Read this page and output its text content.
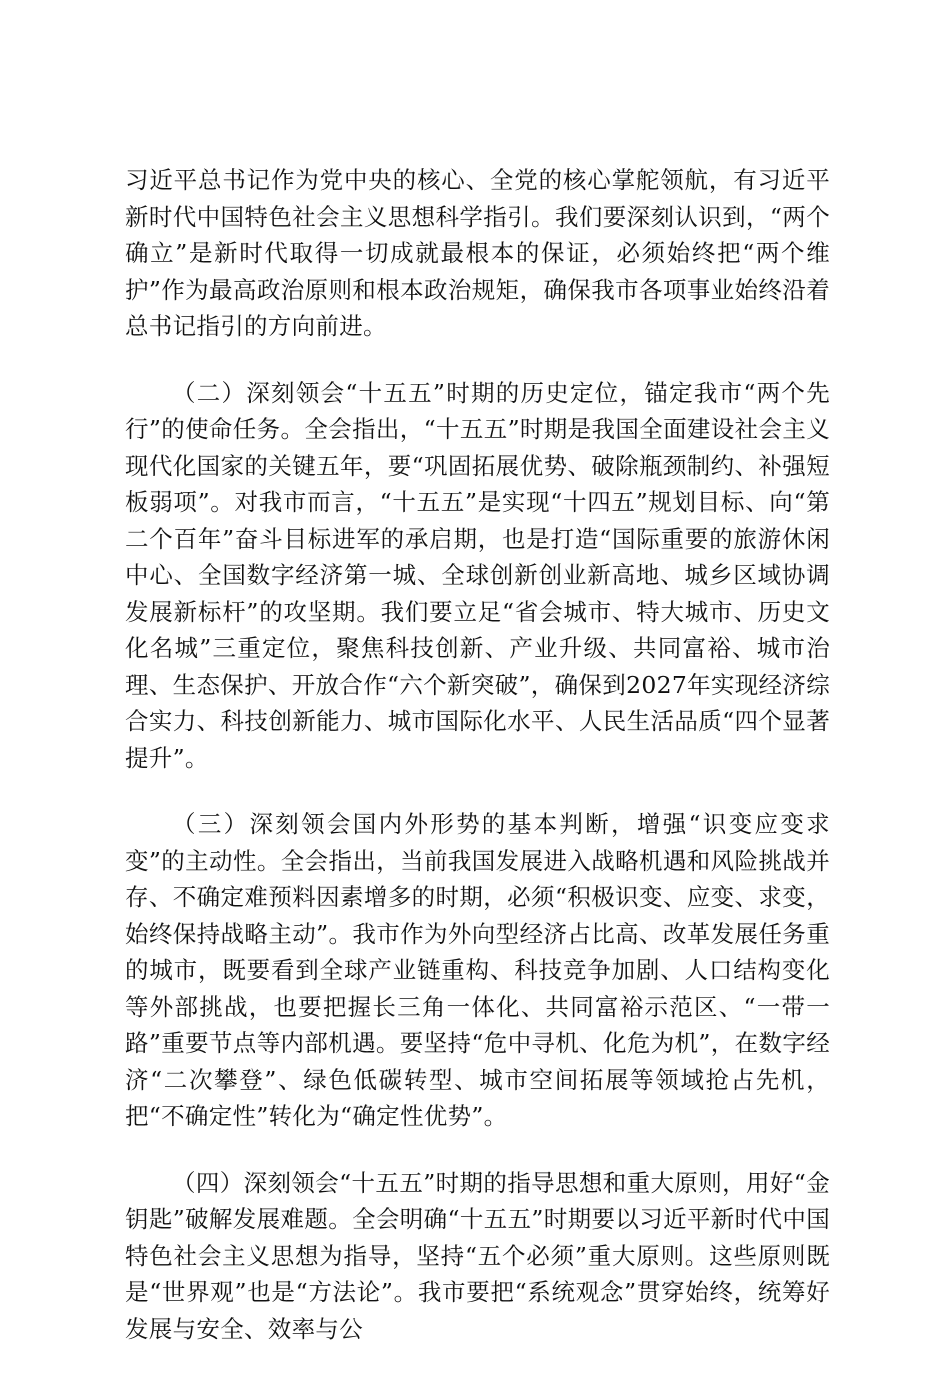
习近平总书记作为党中央的核心、全党的核心掌舵领航，有习近平新时代中国特色社会主义思想科学指引。我们要深刻认识到，“两个确立”是新时代取得一切成就最根本的保证，必须始终把“两个维护”作为最高政治原则和根本政治规矩，确保我市各项事业始终沿着总书记指引的方向前进。

（二）深刻领会“十五五”时期的历史定位，锚定我市“两个先行”的使命任务。全会指出，“十五五”时期是我国全面建设社会主义现代化国家的关键五年，要“巩固拓展优势、破除瓶颈制约、补强短板弱项”。对我市而言，“十五五”是实现“十四五”规划目标、向“第二个百年”奋斗目标进军的承启期，也是打造“国际重要的旅游休闲中心、全国数字经济第一城、全球创新创业新高地、城乡区域协调发展新标杆”的攻坚期。我们要立足“省会城市、特大城市、历史文化名城”三重定位，聚焦科技创新、产业升级、共同富裕、城市治理、生态保护、开放合作“六个新突破”，确保到2027年实现经济综合实力、科技创新能力、城市国际化水平、人民生活品质“四个显著提升”。

（三）深刻领会国内外形势的基本判断，增强“识变应变求变”的主动性。全会指出，当前我国发展进入战略机遇和风险挑战并存、不确定难预料因素增多的时期，必须“积极识变、应变、求变，始终保持战略主动”。我市作为外向型经济占比高、改革发展任务重的城市，既要看到全球产业链重构、科技竞争加剧、人口结构变化等外部挑战，也要把握长三角一体化、共同富裕示范区、“一带一路”重要节点等内部机遇。要坚持“危中寻机、化危为机”，在数字经济“二次攀登”、绿色低碳转型、城市空间拓展等领域抢占先机，把“不确定性”转化为“确定性优势”。

（四）深刻领会“十五五”时期的指导思想和重大原则，用好“金钥匙”破解发展难题。全会明确“十五五”时期要以习近平新时代中国特色社会主义思想为指导，坚持“五个必须”重大原则。这些原则既是“世界观”也是“方法论”。我市要把“系统观念”贯穿始终，统筹好发展与安全、效率与公
